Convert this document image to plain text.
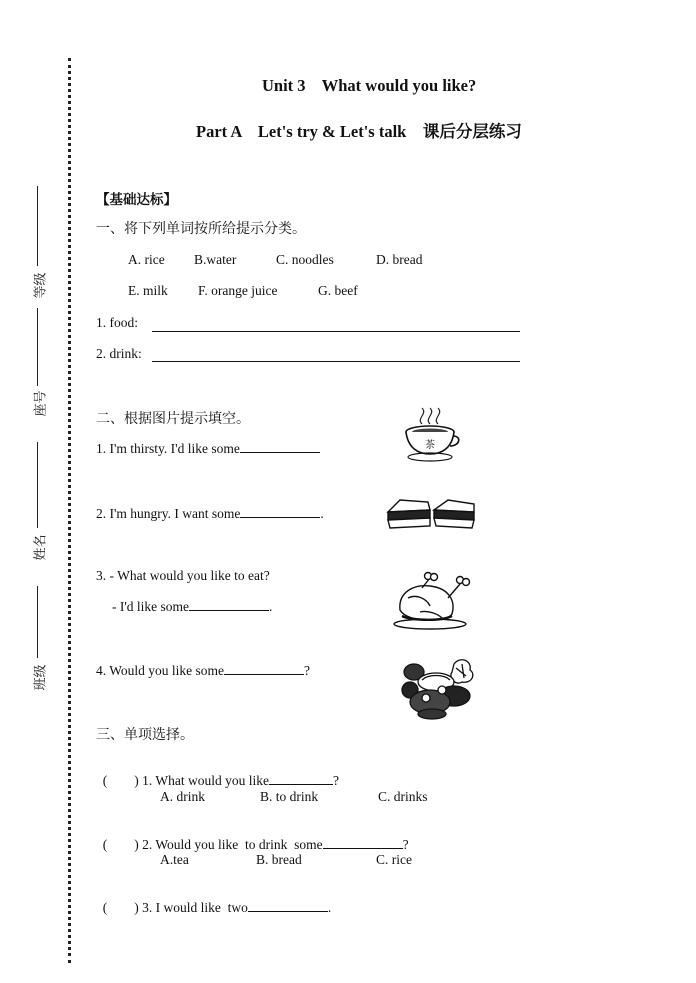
等级
座号
姓名
班级
Unit 3    What would you like?
Part A    Let's try & Let's talk    课后分层练习
【基础达标】
一、将下列单词按所给提示分类。
A. rice B.water	C. noodles	D. bread
E. milk F. orange juice	G. beef
1. food:
2. drink:
二、根据图片提示填空。
1. I'm thirsty. I'd like some	茶
2. I'm hungry. I want some	.
3. - What would you like to eat?
- I'd like some	.
4. Would you like some	?
三、单项选择。

(        ) 1. What would you like	?

A. drink	B. to drink	C. drinks

(        ) 2. Would you like  to drink  some	?

A.tea	B. bread	C. rice

(        ) 3. I would like  two	.
